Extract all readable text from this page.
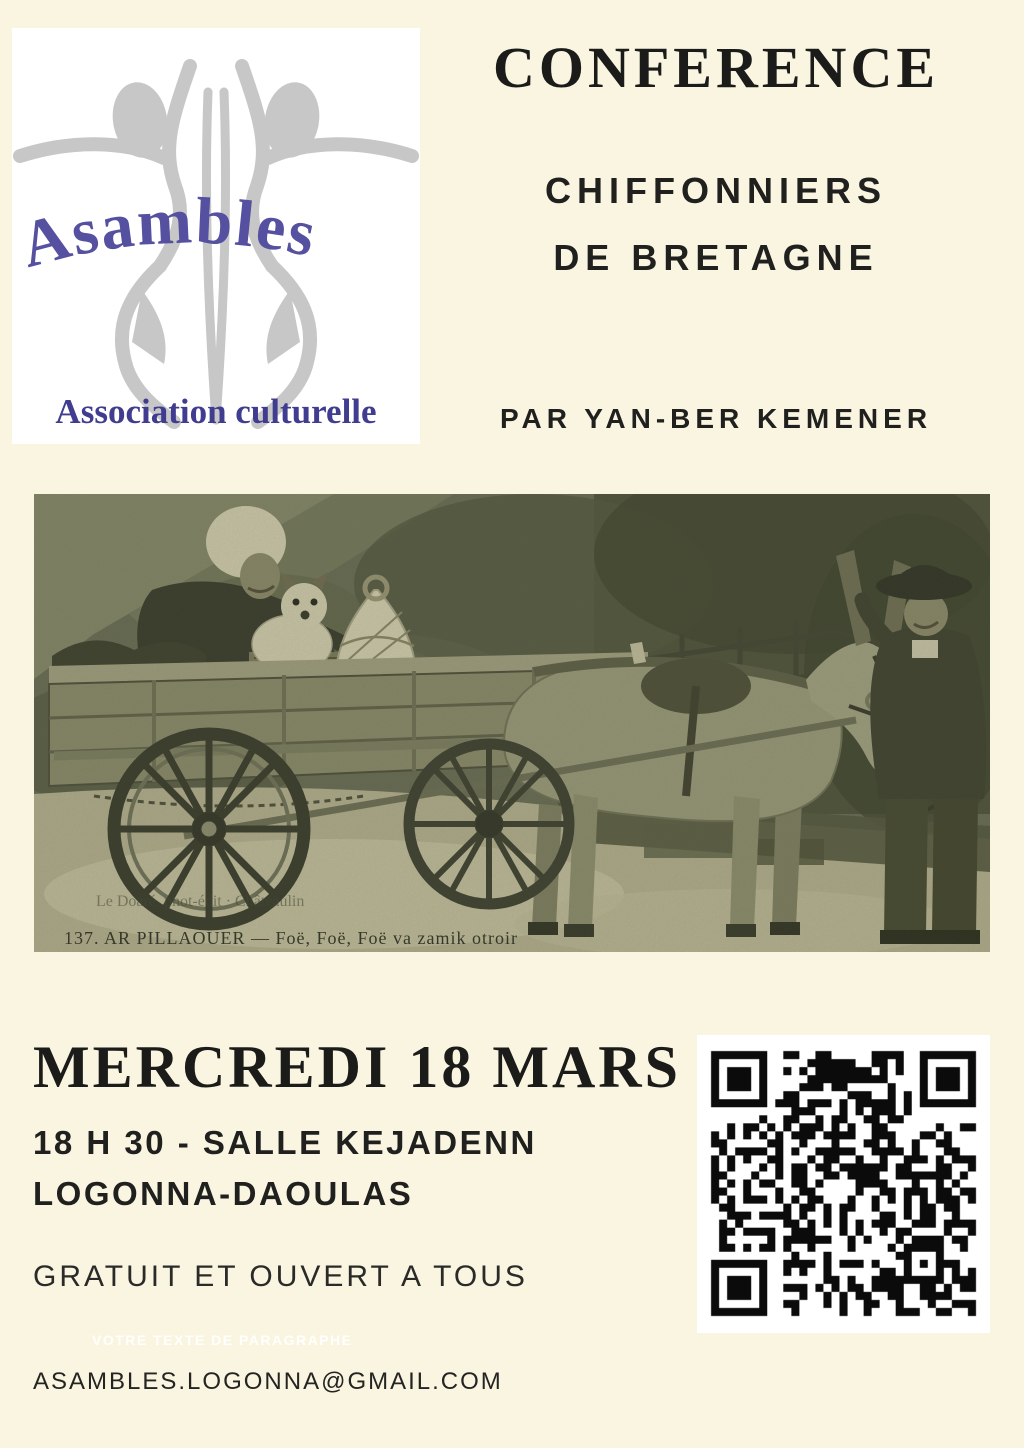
Asambles
Association culturelle
CONFERENCE
CHIFFONNIERS
DE BRETAGNE
PAR YAN-BER KEMENER
Le Doaré, phot-édit · Châteaulin
137. AR PILLAOUER — Foë, Foë, Foë va zamik otroir
MERCREDI 18 MARS
18 H 30 - SALLE KEJADENN
LOGONNA-DAOULAS
GRATUIT ET OUVERT A TOUS
VOTRE TEXTE DE PARAGRAPHE
ASAMBLES.LOGONNA@GMAIL.COM
